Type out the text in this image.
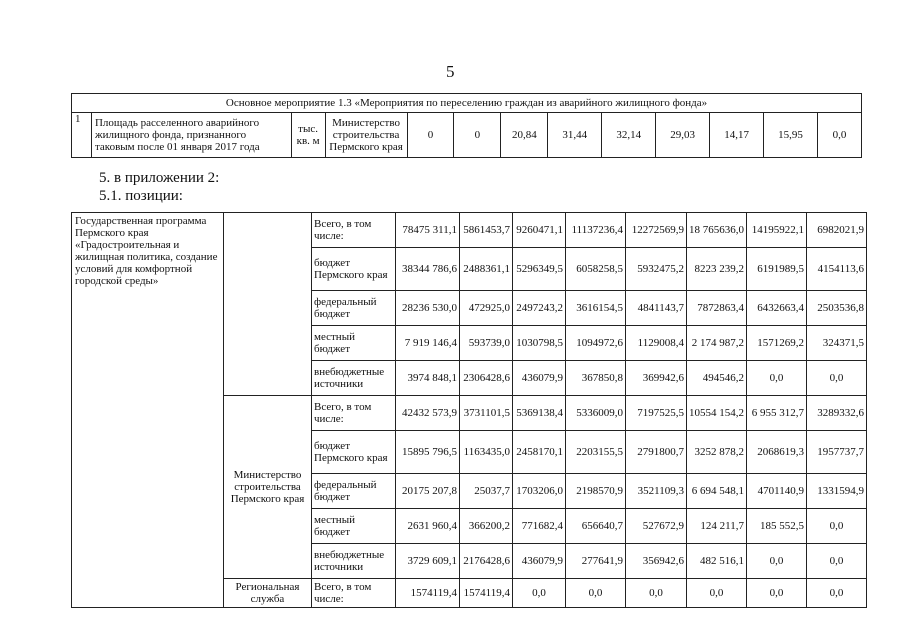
5
Основное мероприятие 1.3 «Мероприятия по переселению граждан из аварийного жилищного фонда»
1	Площадь расселенного аварийного жилищного фонда, признанного таковым после 01 января 2017 года	тыс. кв. м	Министерство строительства Пермского края	0	0	20,84	31,44	32,14	29,03	14,17	15,95	0,0
5. в приложении 2:
5.1. позиции:
Государственная программа Пермского края «Градостроительная и жилищная политика, создание условий для комфортной городской среды»		Всего, в том числе:	78475 311,1	5861453,7	9260471,1	11137236,4	12272569,9	18 765636,0	14195922,1	6982021,9
		бюджет Пермского края	38344 786,6	2488361,1	5296349,5	6058258,5	5932475,2	8223 239,2	6191989,5	4154113,6
		федеральный бюджет	28236 530,0	472925,0	2497243,2	3616154,5	4841143,7	7872863,4	6432663,4	2503536,8
		местный бюджет	7 919 146,4	593739,0	1030798,5	1094972,6	1129008,4	2 174 987,2	1571269,2	324371,5
		внебюджетные источники	3974 848,1	2306428,6	436079,9	367850,8	369942,6	494546,2	0,0	0,0
	Министерство строительства Пермского края	Всего, в том числе:	42432 573,9	3731101,5	5369138,4	5336009,0	7197525,5	10554 154,2	6 955 312,7	3289332,6
		бюджет Пермского края	15895 796,5	1163435,0	2458170,1	2203155,5	2791800,7	3252 878,2	2068619,3	1957737,7
		федеральный бюджет	20175 207,8	25037,7	1703206,0	2198570,9	3521109,3	6 694 548,1	4701140,9	1331594,9
		местный бюджет	2631 960,4	366200,2	771682,4	656640,7	527672,9	124 211,7	185 552,5	0,0
		внебюджетные источники	3729 609,1	2176428,6	436079,9	277641,9	356942,6	482 516,1	0,0	0,0
	Региональная служба	Всего, в том числе:	1574119,4	1574119,4	0,0	0,0	0,0	0,0	0,0	0,0
